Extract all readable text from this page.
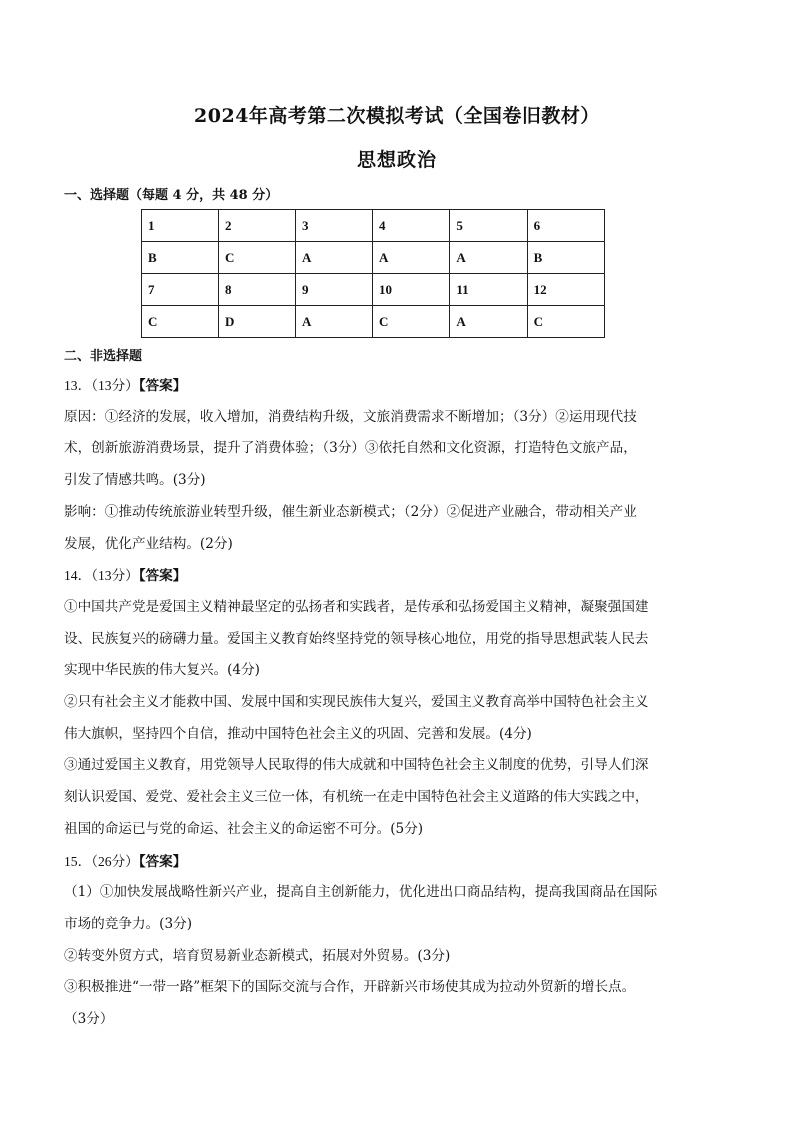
2024年高考第二次模拟考试（全国卷旧教材）
思想政治
一、选择题（每题 4 分，共 48 分）
1	2	3	4	5	6
B	C	A	A	A	B
7	8	9	10	11	12
C	D	A	C	A	C
二、非选择题

13．（13分）【答案】

原因：①经济的发展，收入增加，消费结构升级，文旅消费需求不断增加；（3分）②运用现代技

术，创新旅游消费场景，提升了消费体验；（3分）③依托自然和文化资源，打造特色文旅产品，

引发了情感共鸣。(3分)

影响：①推动传统旅游业转型升级，催生新业态新模式；（2分）②促进产业融合，带动相关产业

发展，优化产业结构。(2分)

14．（13分）【答案】

①中国共产党是爱国主义精神最坚定的弘扬者和实践者，是传承和弘扬爱国主义精神，凝聚强国建

设、民族复兴的磅礴力量。爱国主义教育始终坚持党的领导核心地位，用党的指导思想武装人民去

实现中华民族的伟大复兴。(4分)

②只有社会主义才能救中国、发展中国和实现民族伟大复兴，爱国主义教育高举中国特色社会主义

伟大旗帜，坚持四个自信，推动中国特色社会主义的巩固、完善和发展。(4分)

③通过爱国主义教育，用党领导人民取得的伟大成就和中国特色社会主义制度的优势，引导人们深

刻认识爱国、爱党、爱社会主义三位一体，有机统一在走中国特色社会主义道路的伟大实践之中，

祖国的命运已与党的命运、社会主义的命运密不可分。(5分)

15．（26分）【答案】

（1）①加快发展战略性新兴产业，提高自主创新能力，优化进出口商品结构，提高我国商品在国际

市场的竞争力。(3分)

②转变外贸方式，培育贸易新业态新模式，拓展对外贸易。(3分)

③积极推进“一带一路”框架下的国际交流与合作，开辟新兴市场使其成为拉动外贸新的增长点。

（3分）
